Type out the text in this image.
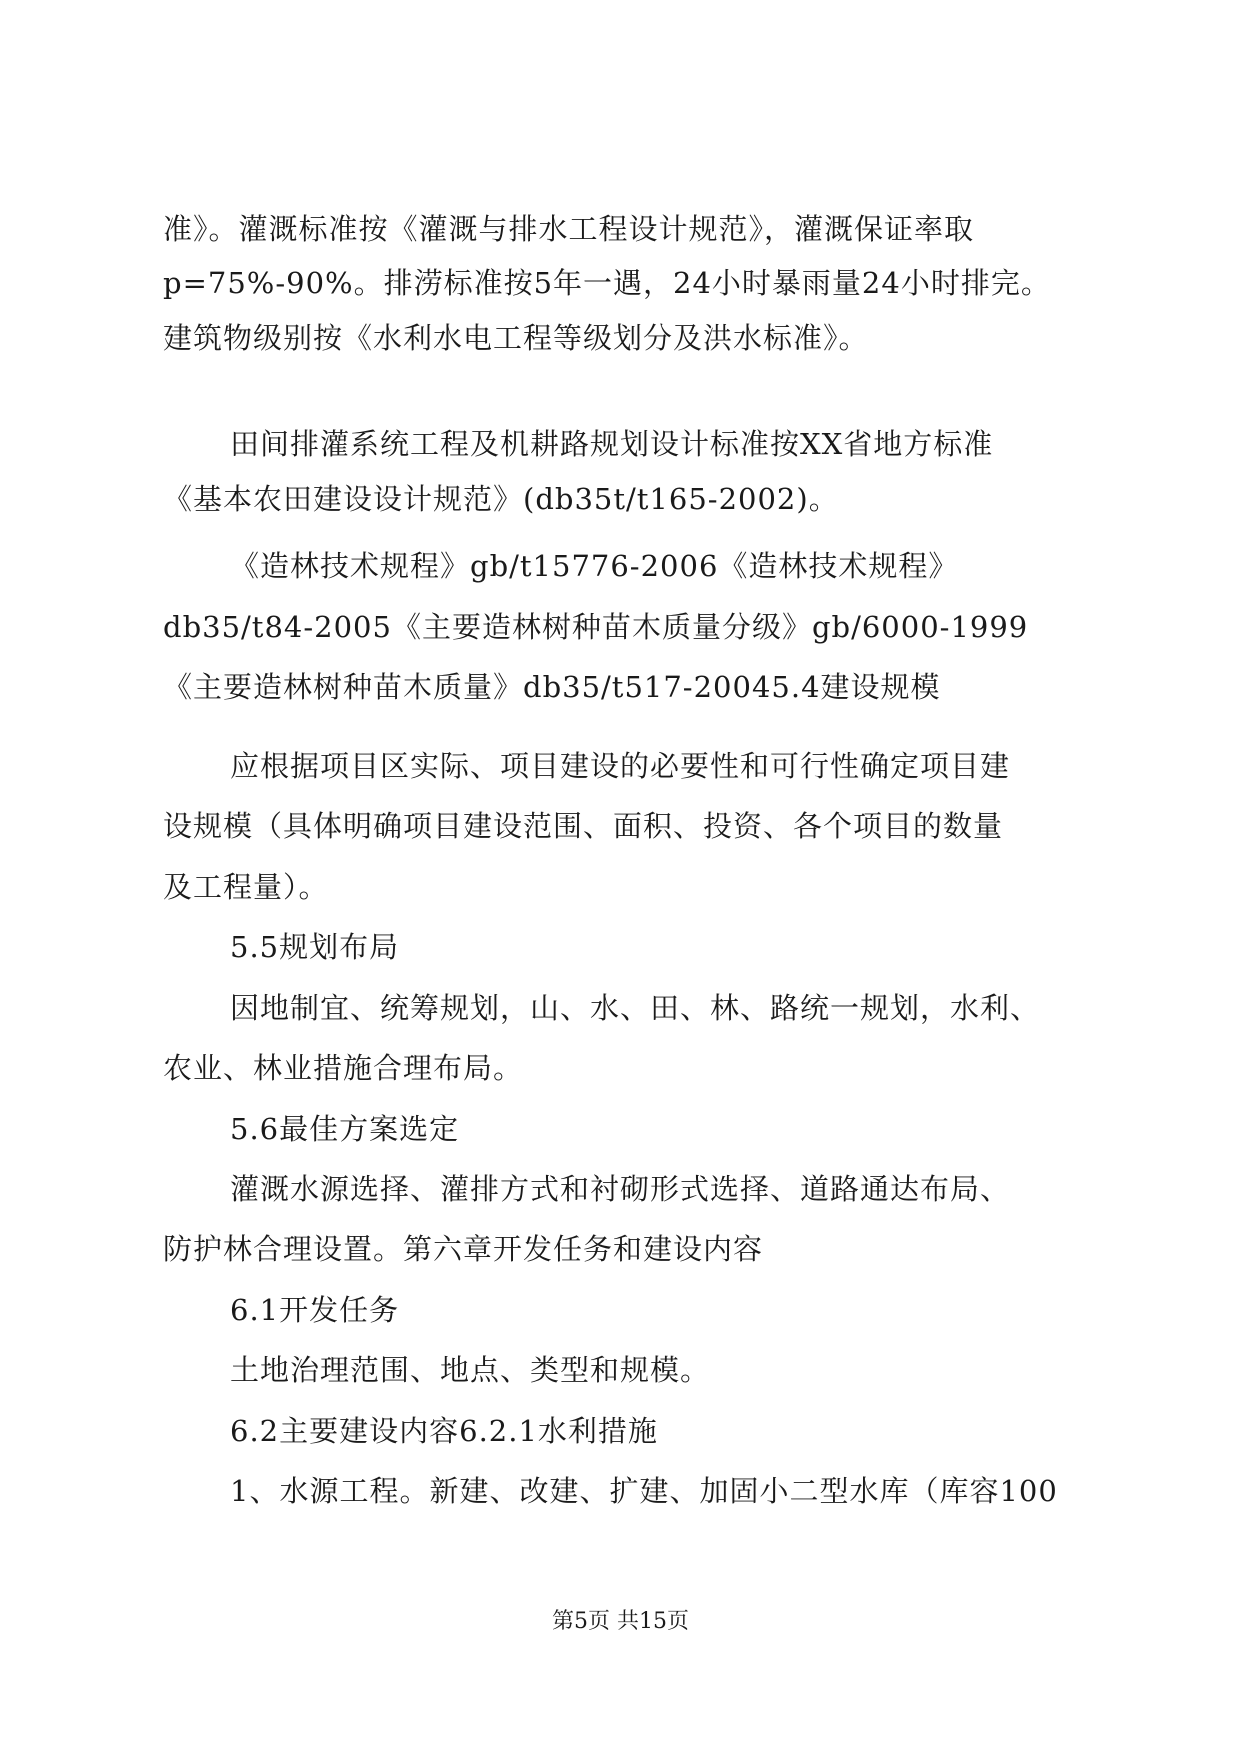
准》。灌溉标准按《灌溉与排水工程设计规范》，灌溉保证率取
p=75%-90%。排涝标准按5年一遇，24小时暴雨量24小时排完。
建筑物级别按《水利水电工程等级划分及洪水标准》。
田间排灌系统工程及机耕路规划设计标准按XX省地方标准
《基本农田建设设计规范》(db35t/t165-2002)。
《造林技术规程》gb/t15776-2006《造林技术规程》
db35/t84-2005《主要造林树种苗木质量分级》gb/6000-1999
《主要造林树种苗木质量》db35/t517-20045.4建设规模
应根据项目区实际、项目建设的必要性和可行性确定项目建
设规模（具体明确项目建设范围、面积、投资、各个项目的数量
及工程量）。
5.5规划布局
因地制宜、统筹规划，山、水、田、林、路统一规划，水利、
农业、林业措施合理布局。
5.6最佳方案选定
灌溉水源选择、灌排方式和衬砌形式选择、道路通达布局、
防护林合理设置。第六章开发任务和建设内容
6.1开发任务
土地治理范围、地点、类型和规模。
6.2主要建设内容6.2.1水利措施
1、水源工程。新建、改建、扩建、加固小二型水库（库容100
第5页 共15页
